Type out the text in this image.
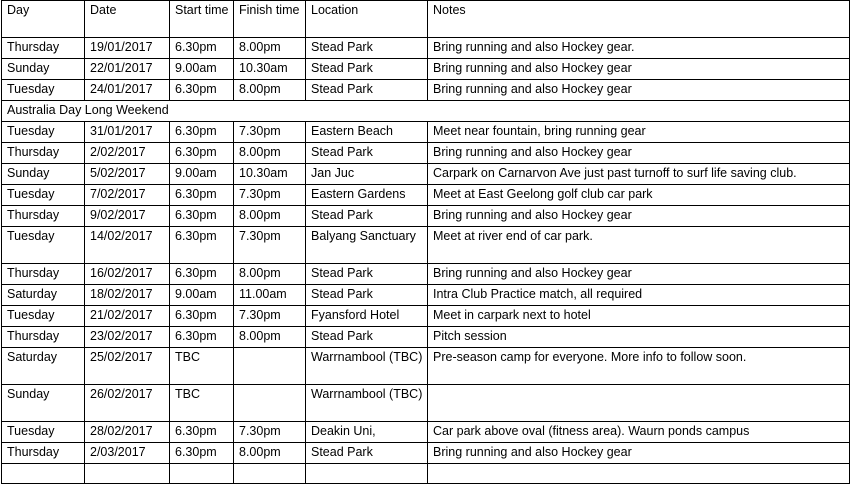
Day	Date	Start time	Finish time	Location	Notes
Thursday	19/01/2017	6.30pm	8.00pm	Stead Park	Bring running and also Hockey gear.
Sunday	22/01/2017	9.00am	10.30am	Stead Park	Bring running and also Hockey gear
Tuesday	24/01/2017	6.30pm	8.00pm	Stead Park	Bring running and also Hockey gear
Australia Day Long Weekend					
Tuesday	31/01/2017	6.30pm	7.30pm	Eastern Beach	Meet near fountain, bring running gear
Thursday	2/02/2017	6.30pm	8.00pm	Stead Park	Bring running and also Hockey gear
Sunday	5/02/2017	9.00am	10.30am	Jan Juc	Carpark on Carnarvon Ave just past turnoff to surf life saving club.
Tuesday	7/02/2017	6.30pm	7.30pm	Eastern Gardens	Meet at East Geelong golf club car park
Thursday	9/02/2017	6.30pm	8.00pm	Stead Park	Bring running and also Hockey gear
Tuesday	14/02/2017	6.30pm	7.30pm	Balyang Sanctuary	Meet at river end of car park.
Thursday	16/02/2017	6.30pm	8.00pm	Stead Park	Bring running and also Hockey gear
Saturday	18/02/2017	9.00am	11.00am	Stead Park	Intra Club Practice match, all required
Tuesday	21/02/2017	6.30pm	7.30pm	Fyansford Hotel	Meet in carpark next to hotel
Thursday	23/02/2017	6.30pm	8.00pm	Stead Park	Pitch session
Saturday	25/02/2017	TBC		Warrnambool (TBC)	Pre-season camp for everyone. More info to follow soon.
Sunday	26/02/2017	TBC		Warrnambool (TBC)	
Tuesday	28/02/2017	6.30pm	7.30pm	Deakin Uni,	Car park above oval (fitness area). Waurn ponds campus
Thursday	2/03/2017	6.30pm	8.00pm	Stead Park	Bring running and also Hockey gear
